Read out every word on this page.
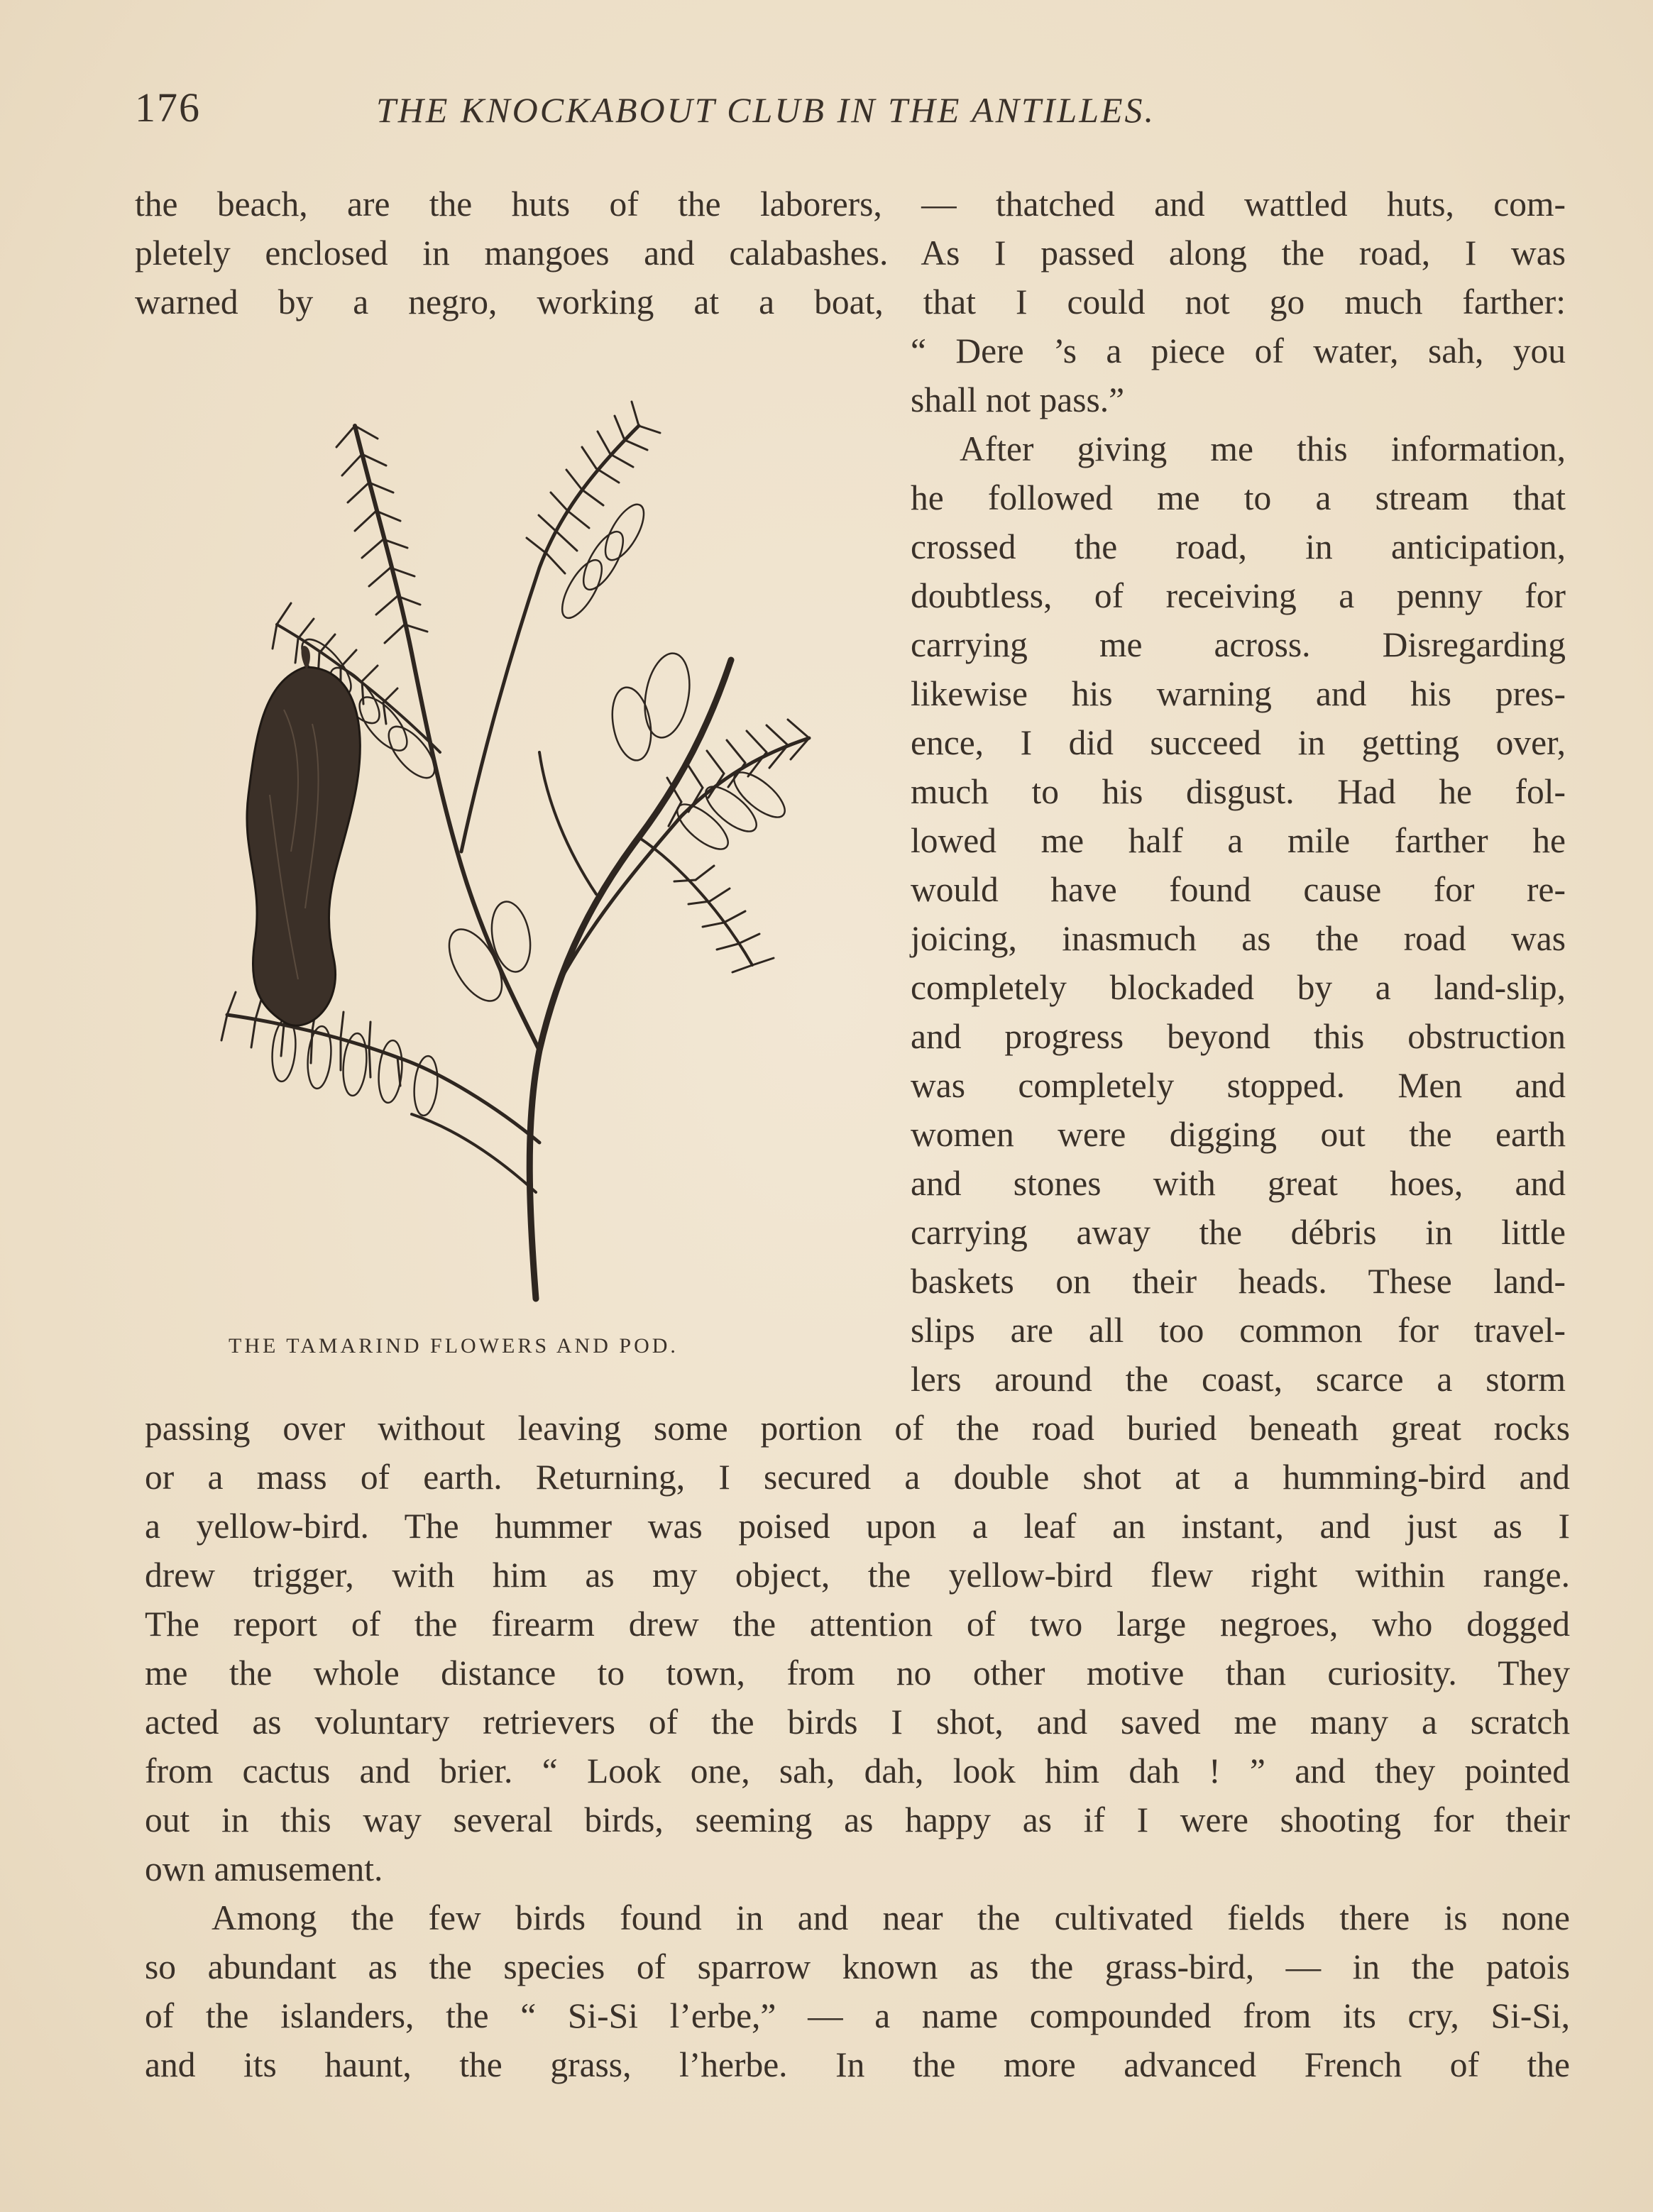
176	THE KNOCKABOUT CLUB IN THE ANTILLES.
the beach, are the huts of the laborers, — thatched and wattled huts, com-
pletely enclosed in mangoes and calabashes. As I passed along the road, I was
warned by a negro, working at a boat, that I could not go much farther:
THE TAMARIND FLOWERS AND POD.
“ Dere ’s a piece of water, sah, you
shall not pass.”
After giving me this information,
he followed me to a stream that
crossed the road, in anticipation,
doubtless, of receiving a penny for
carrying me across. Disregarding
likewise his warning and his pres-
ence, I did succeed in getting over,
much to his disgust. Had he fol-
lowed me half a mile farther he
would have found cause for re-
joicing, inasmuch as the road was
completely blockaded by a land-slip,
and progress beyond this obstruction
was completely stopped. Men and
women were digging out the earth
and stones with great hoes, and
carrying away the débris in little
baskets on their heads. These land-
slips are all too common for travel-
lers around the coast, scarce a storm
passing over without leaving some portion of the road buried beneath great rocks
or a mass of earth. Returning, I secured a double shot at a humming-bird and
a yellow-bird. The hummer was poised upon a leaf an instant, and just as I
drew trigger, with him as my object, the yellow-bird flew right within range.
The report of the firearm drew the attention of two large negroes, who dogged
me the whole distance to town, from no other motive than curiosity. They
acted as voluntary retrievers of the birds I shot, and saved me many a scratch
from cactus and brier. “ Look one, sah, dah, look him dah ! ” and they pointed
out in this way several birds, seeming as happy as if I were shooting for their
own amusement.
Among the few birds found in and near the cultivated fields there is none
so abundant as the species of sparrow known as the grass-bird, — in the patois
of the islanders, the “ Si-Si l’erbe,” — a name compounded from its cry, Si-Si,
and its haunt, the grass, l’herbe. In the more advanced French of the
